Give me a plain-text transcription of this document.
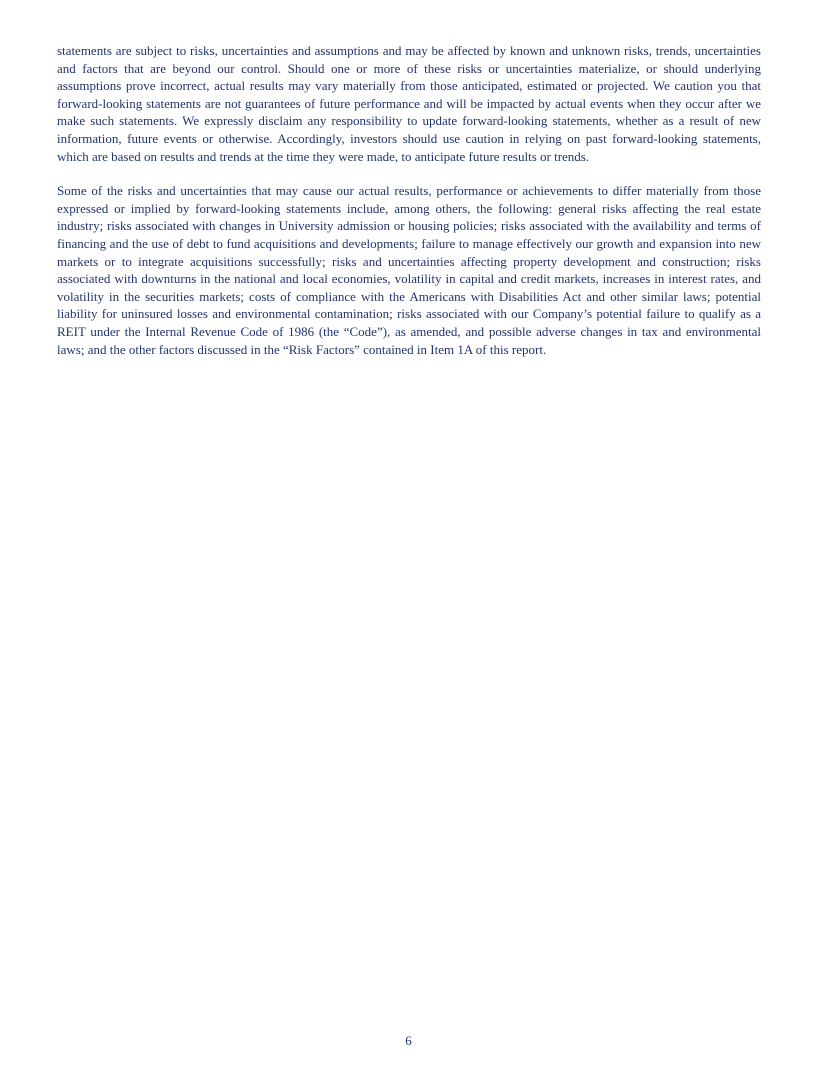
statements are subject to risks, uncertainties and assumptions and may be affected by known and unknown risks, trends, uncertainties and factors that are beyond our control. Should one or more of these risks or uncertainties materialize, or should underlying assumptions prove incorrect, actual results may vary materially from those anticipated, estimated or projected. We caution you that forward-looking statements are not guarantees of future performance and will be impacted by actual events when they occur after we make such statements. We expressly disclaim any responsibility to update forward-looking statements, whether as a result of new information, future events or otherwise. Accordingly, investors should use caution in relying on past forward-looking statements, which are based on results and trends at the time they were made, to anticipate future results or trends.

Some of the risks and uncertainties that may cause our actual results, performance or achievements to differ materially from those expressed or implied by forward-looking statements include, among others, the following: general risks affecting the real estate industry; risks associated with changes in University admission or housing policies; risks associated with the availability and terms of financing and the use of debt to fund acquisitions and developments; failure to manage effectively our growth and expansion into new markets or to integrate acquisitions successfully; risks and uncertainties affecting property development and construction; risks associated with downturns in the national and local economies, volatility in capital and credit markets, increases in interest rates, and volatility in the securities markets; costs of compliance with the Americans with Disabilities Act and other similar laws; potential liability for uninsured losses and environmental contamination; risks associated with our Company’s potential failure to qualify as a REIT under the Internal Revenue Code of 1986 (the “Code”), as amended, and possible adverse changes in tax and environmental laws; and the other factors discussed in the “Risk Factors” contained in Item 1A of this report.

6
